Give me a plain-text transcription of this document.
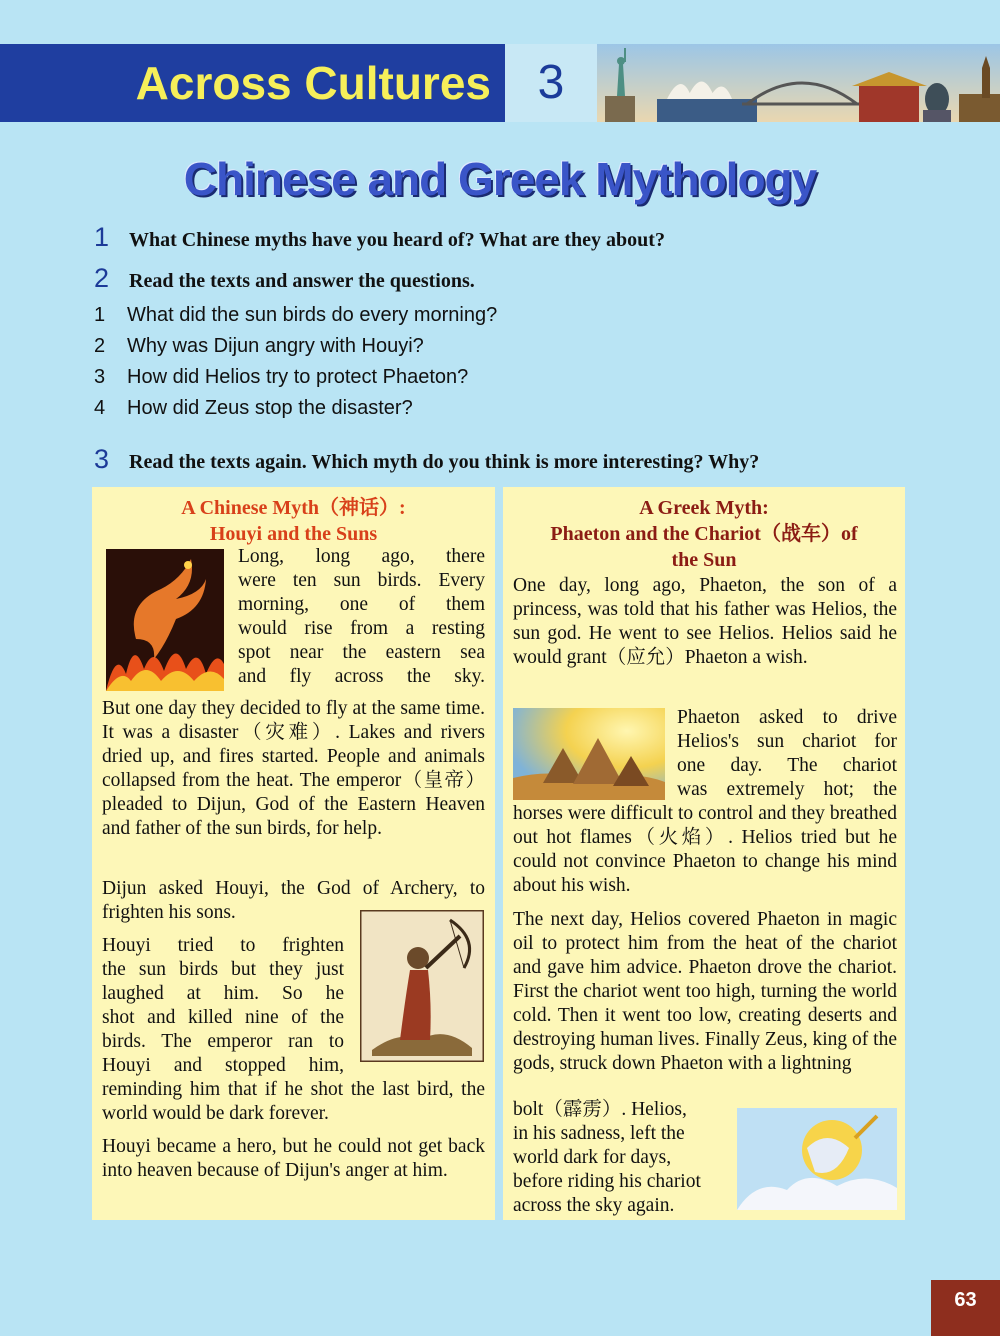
Across Cultures 3
Chinese and Greek Mythology
1 What Chinese myths have you heard of? What are they about?
2 Read the texts and answer the questions.
1 What did the sun birds do every morning?
2 Why was Dijun angry with Houyi?
3 How did Helios try to protect Phaeton?
4 How did Zeus stop the disaster?
3 Read the texts again. Which myth do you think is more interesting? Why?
A Chinese Myth（神话）:
Houyi and the Suns
Long, long ago, there
were ten sun birds. Every
morning, one of them
would rise from a resting
spot near the eastern sea
and fly across the sky.
But one day they decided to fly at the same time. It was a disaster（灾难）. Lakes and rivers dried up, and fires started. People and animals collapsed from the heat. The emperor（皇帝）pleaded to Dijun, God of the Eastern Heaven and father of the sun birds, for help.
Dijun asked Houyi, the God of Archery, to frighten his sons.
Houyi tried to frighten
the sun birds but they just
laughed at him. So he
shot and killed nine of the
birds. The emperor ran to
Houyi and stopped him,
reminding him that if he shot the last bird, the world would be dark forever.
Houyi became a hero, but he could not get back into heaven because of Dijun's anger at him.
A Greek Myth:
Phaeton and the Chariot（战车）of
the Sun
One day, long ago, Phaeton, the son of a princess, was told that his father was Helios, the sun god. He went to see Helios. Helios said he would grant（应允）Phaeton a wish.
Phaeton asked to drive
Helios's sun chariot for
one day. The chariot
was extremely hot; the
horses were difficult to control and they breathed out hot flames（火焰）. Helios tried but he could not convince Phaeton to change his mind about his wish.
The next day, Helios covered Phaeton in magic oil to protect him from the heat of the chariot and gave him advice. Phaeton drove the chariot. First the chariot went too high, turning the world cold. Then it went too low, creating deserts and destroying human lives. Finally Zeus, king of the gods, struck down Phaeton with a lightning
bolt（霹雳）. Helios,
in his sadness, left the
world dark for days,
before riding his chariot
across the sky again.
63
